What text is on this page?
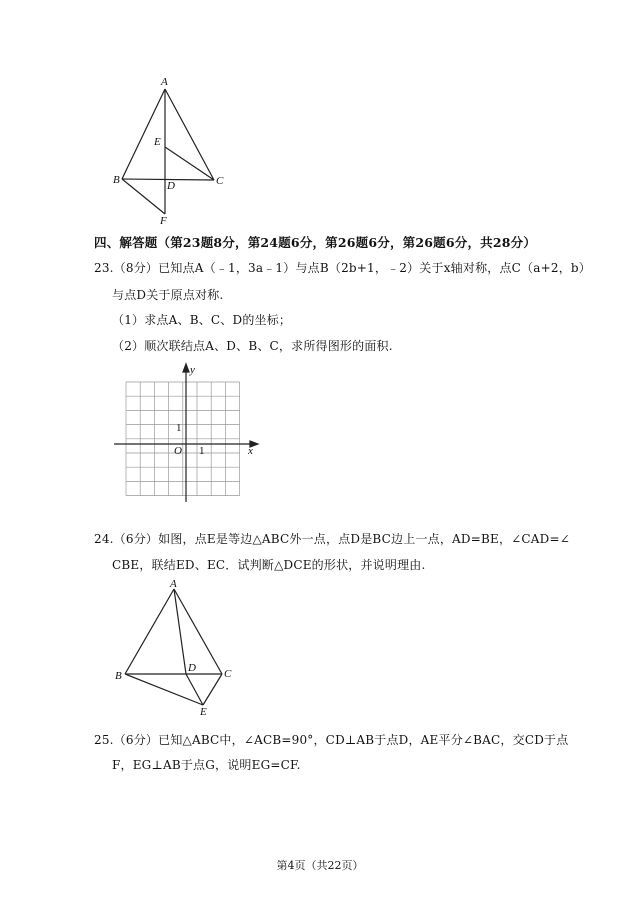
A
E
B	D	C
F
四、解答题（第23题8分，第24题6分，第26题6分，第26题6分，共28分）
23.（8分）已知点A（﹣1，3a﹣1）与点B（2b+1，﹣2）关于x轴对称，点C（a+2，b）
与点D关于原点对称.
（1）求点A、B、C、D的坐标；
（2）顺次联结点A、D、B、C，求所得图形的面积.
y
x
O
1
1
24.（6分）如图，点E是等边△ABC外一点，点D是BC边上一点，AD=BE，∠CAD=∠
CBE，联结ED、EC．试判断△DCE的形状，并说明理由.
A
D
B	C
E
25.（6分）已知△ABC中，∠ACB=90°，CD⊥AB于点D，AE平分∠BAC，交CD于点
F，EG⊥AB于点G，说明EG=CF.
第4页（共22页）
